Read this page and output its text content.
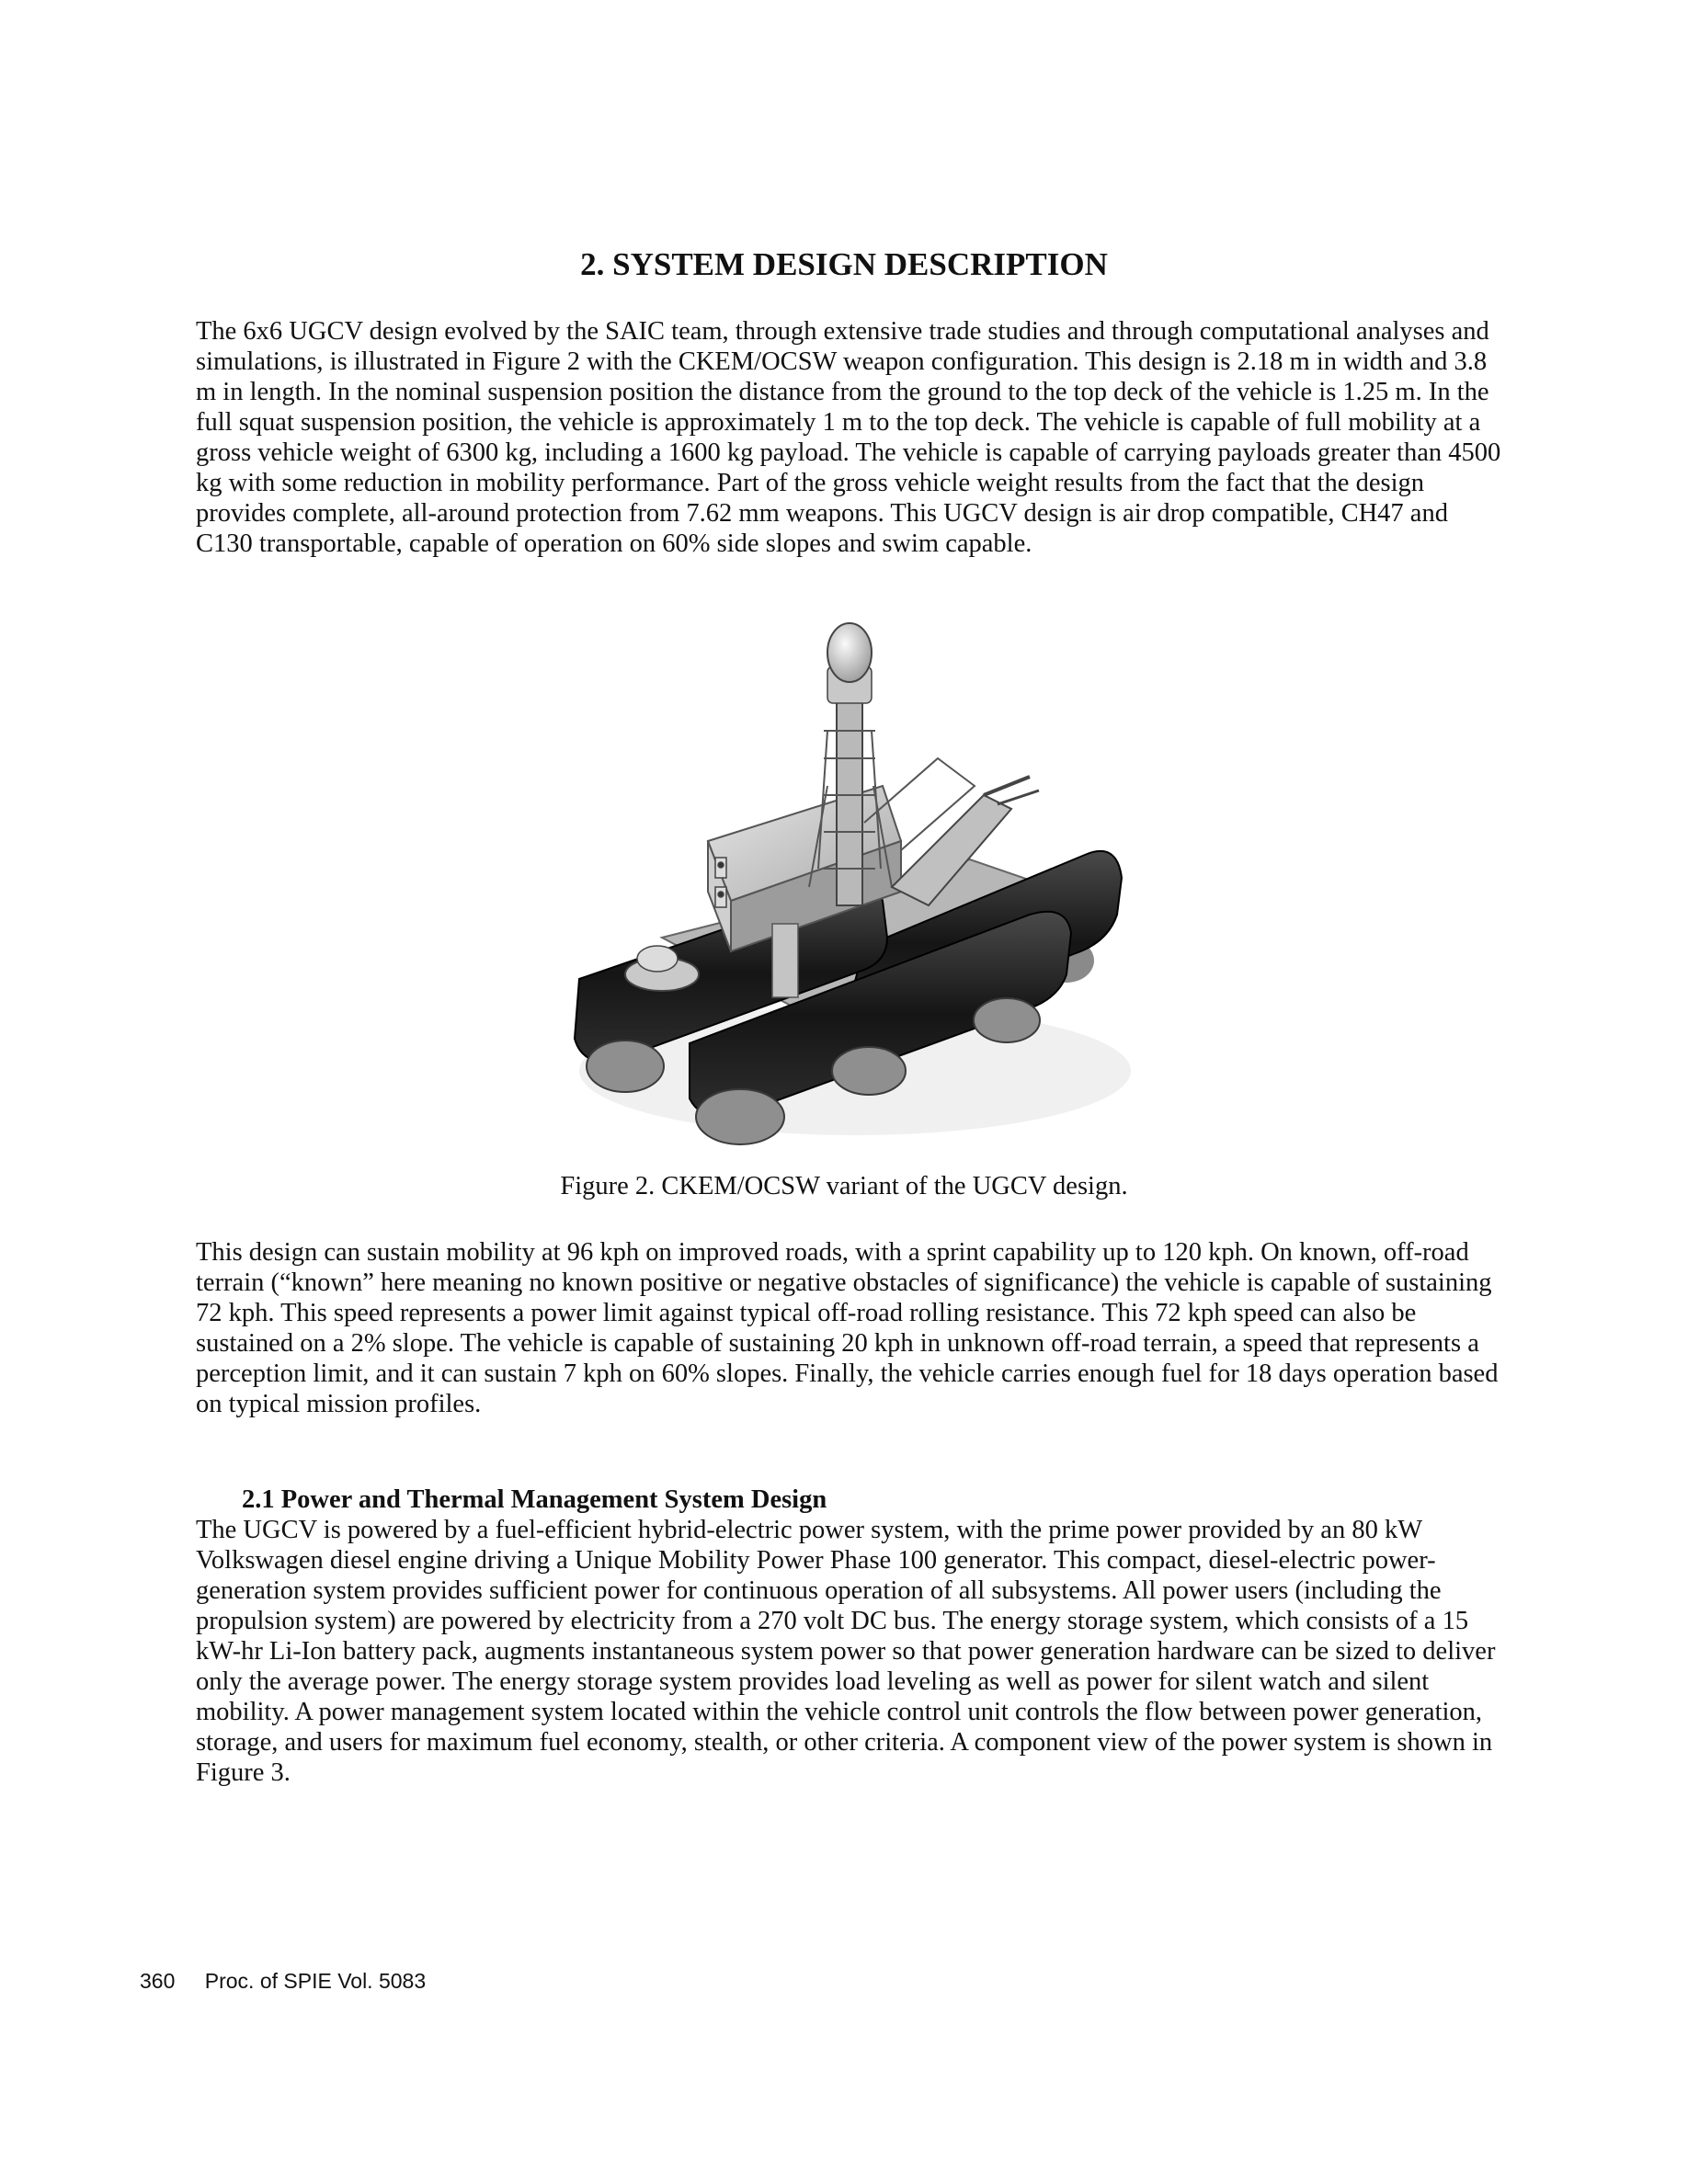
2. SYSTEM DESIGN DESCRIPTION

The 6x6 UGCV design evolved by the SAIC team, through extensive trade studies and through computational analyses and simulations, is illustrated in Figure 2 with the CKEM/OCSW weapon configuration. This design is 2.18 m in width and 3.8 m in length. In the nominal suspension position the distance from the ground to the top deck of the vehicle is 1.25 m. In the full squat suspension position, the vehicle is approximately 1 m to the top deck. The vehicle is capable of full mobility at a gross vehicle weight of 6300 kg, including a 1600 kg payload. The vehicle is capable of carrying payloads greater than 4500 kg with some reduction in mobility performance. Part of the gross vehicle weight results from the fact that the design provides complete, all-around protection from 7.62 mm weapons. This UGCV design is air drop compatible, CH47 and C130 transportable, capable of operation on 60% side slopes and swim capable.

Figure 2. CKEM/OCSW variant of the UGCV design.

This design can sustain mobility at 96 kph on improved roads, with a sprint capability up to 120 kph. On known, off-road terrain (“known” here meaning no known positive or negative obstacles of significance) the vehicle is capable of sustaining 72 kph. This speed represents a power limit against typical off-road rolling resistance. This 72 kph speed can also be sustained on a 2% slope. The vehicle is capable of sustaining 20 kph in unknown off-road terrain, a speed that represents a perception limit, and it can sustain 7 kph on 60% slopes. Finally, the vehicle carries enough fuel for 18 days operation based on typical mission profiles.

2.1 Power and Thermal Management System Design
The UGCV is powered by a fuel-efficient hybrid-electric power system, with the prime power provided by an 80 kW Volkswagen diesel engine driving a Unique Mobility Power Phase 100 generator. This compact, diesel-electric power-generation system provides sufficient power for continuous operation of all subsystems. All power users (including the propulsion system) are powered by electricity from a 270 volt DC bus. The energy storage system, which consists of a 15 kW-hr Li-Ion battery pack, augments instantaneous system power so that power generation hardware can be sized to deliver only the average power. The energy storage system provides load leveling as well as power for silent watch and silent mobility. A power management system located within the vehicle control unit controls the flow between power generation, storage, and users for maximum fuel economy, stealth, or other criteria. A component view of the power system is shown in Figure 3.
360 Proc. of SPIE Vol. 5083
